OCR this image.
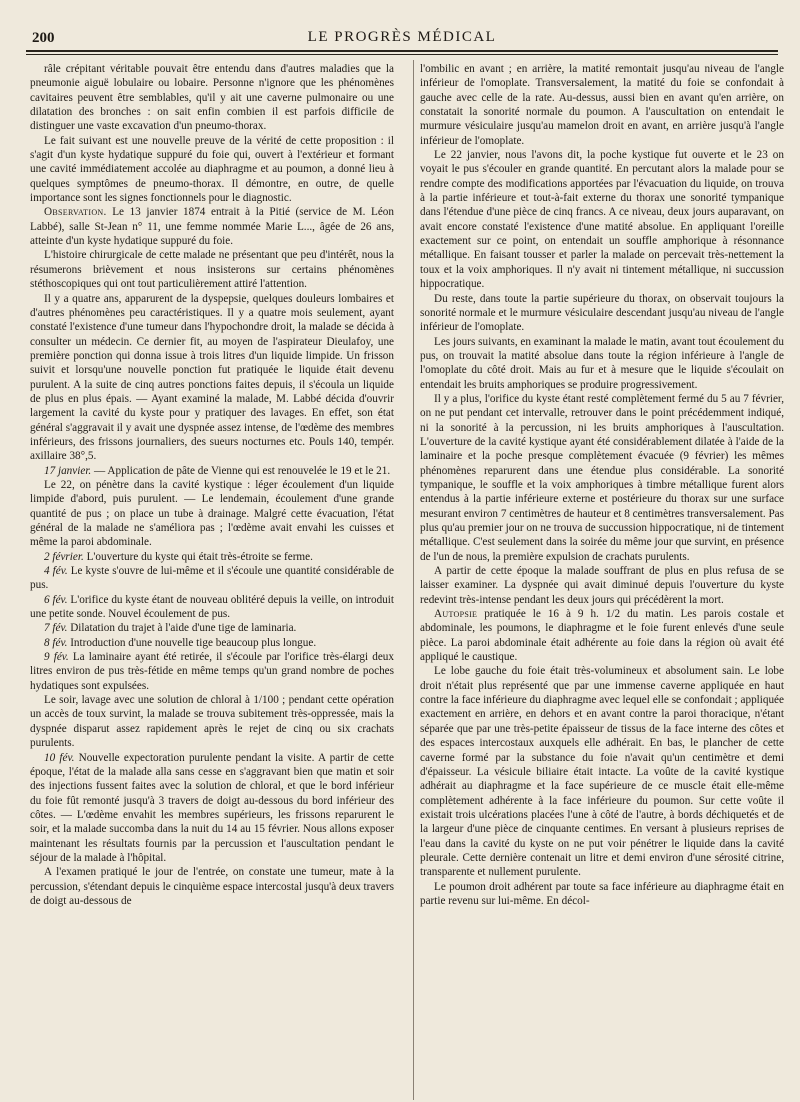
200	LE PROGRÈS MÉDICAL

râle crépitant véritable pouvait être entendu dans d'autres maladies que la pneumonie aiguë lobulaire ou lobaire. Personne n'ignore que les phénomènes cavitaires peuvent être semblables, qu'il y ait une caverne pulmonaire ou une dilatation des bronches : on sait enfin combien il est parfois difficile de distinguer une vaste excavation d'un pneumo-thorax.

Le fait suivant est une nouvelle preuve de la vérité de cette proposition : il s'agit d'un kyste hydatique suppuré du foie qui, ouvert à l'extérieur et formant une cavité immédiatement accolée au diaphragme et au poumon, a donné lieu à quelques symptômes de pneumo-thorax. Il démontre, en outre, de quelle importance sont les signes fonctionnels pour le diagnostic.

Observation. Le 13 janvier 1874 entrait à la Pitié (service de M. Léon Labbé), salle St-Jean n° 11, une femme nommée Marie L..., âgée de 26 ans, atteinte d'un kyste hydatique suppuré du foie.

L'histoire chirurgicale de cette malade ne présentant que peu d'intérêt, nous la résumerons brièvement et nous insisterons sur certains phénomènes stéthoscopiques qui ont tout particulièrement attiré l'attention.

Il y a quatre ans, apparurent de la dyspepsie, quelques douleurs lombaires et d'autres phénomènes peu caractéristiques. Il y a quatre mois seulement, ayant constaté l'existence d'une tumeur dans l'hypochondre droit, la malade se décida à consulter un médecin. Ce dernier fit, au moyen de l'aspirateur Dieulafoy, une première ponction qui donna issue à trois litres d'un liquide limpide. Un frisson suivit et lorsqu'une nouvelle ponction fut pratiquée le liquide était devenu purulent. A la suite de cinq autres ponctions faites depuis, il s'écoula un liquide de plus en plus épais. — Ayant examiné la malade, M. Labbé décida d'ouvrir largement la cavité du kyste pour y pratiquer des lavages. En effet, son état général s'aggravait il y avait une dyspnée assez intense, de l'œdème des membres inférieurs, des frissons journaliers, des sueurs nocturnes etc. Pouls 140, tempér. axillaire 38°,5.

17 janvier. — Application de pâte de Vienne qui est renouvelée le 19 et le 21.

Le 22, on pénètre dans la cavité kystique : léger écoulement d'un liquide limpide d'abord, puis purulent. — Le lendemain, écoulement d'une grande quantité de pus ; on place un tube à drainage. Malgré cette évacuation, l'état général de la malade ne s'améliora pas ; l'œdème avait envahi les cuisses et même la paroi abdominale.

2 février. L'ouverture du kyste qui était très-étroite se ferme.

4 fév. Le kyste s'ouvre de lui-même et il s'écoule une quantité considérable de pus.

6 fév. L'orifice du kyste étant de nouveau oblitéré depuis la veille, on introduit une petite sonde. Nouvel écoulement de pus.

7 fév. Dilatation du trajet à l'aide d'une tige de laminaria.

8 fév. Introduction d'une nouvelle tige beaucoup plus longue.

9 fév. La laminaire ayant été retirée, il s'écoule par l'orifice très-élargi deux litres environ de pus très-fétide en même temps qu'un grand nombre de poches hydatiques sont expulsées.

Le soir, lavage avec une solution de chloral à 1/100 ; pendant cette opération un accès de toux survint, la malade se trouva subitement très-oppressée, mais la dyspnée disparut assez rapidement après le rejet de cinq ou six crachats purulents.

10 fév. Nouvelle expectoration purulente pendant la visite. A partir de cette époque, l'état de la malade alla sans cesse en s'aggravant bien que matin et soir des injections fussent faites avec la solution de chloral, et que le bord inférieur du foie fût remonté jusqu'à 3 travers de doigt au-dessous du bord inférieur des côtes. — L'œdème envahit les membres supérieurs, les frissons reparurent le soir, et la malade succomba dans la nuit du 14 au 15 février. Nous allons exposer maintenant les résultats fournis par la percussion et l'auscultation pendant le séjour de la malade à l'hôpital.

A l'examen pratiqué le jour de l'entrée, on constate une tumeur, mate à la percussion, s'étendant depuis le cinquième espace intercostal jusqu'à deux travers de doigt au-dessous de

l'ombilic en avant ; en arrière, la matité remontait jusqu'au niveau de l'angle inférieur de l'omoplate. Transversalement, la matité du foie se confondait à gauche avec celle de la rate. Au-dessus, aussi bien en avant qu'en arrière, on constatait la sonorité normale du poumon. A l'auscultation on entendait le murmure vésiculaire jusqu'au mamelon droit en avant, en arrière jusqu'à l'angle inférieur de l'omoplate.

Le 22 janvier, nous l'avons dit, la poche kystique fut ouverte et le 23 on voyait le pus s'écouler en grande quantité. En percutant alors la malade pour se rendre compte des modifications apportées par l'évacuation du liquide, on trouva à la partie inférieure et tout-à-fait externe du thorax une sonorité tympanique dans l'étendue d'une pièce de cinq francs. A ce niveau, deux jours auparavant, on avait encore constaté l'existence d'une matité absolue. En appliquant l'oreille exactement sur ce point, on entendait un souffle amphorique à résonnance métallique. En faisant tousser et parler la malade on percevait très-nettement la toux et la voix amphoriques. Il n'y avait ni tintement métallique, ni succussion hippocratique.

Du reste, dans toute la partie supérieure du thorax, on observait toujours la sonorité normale et le murmure vésiculaire descendant jusqu'au niveau de l'angle inférieur de l'omoplate.

Les jours suivants, en examinant la malade le matin, avant tout écoulement du pus, on trouvait la matité absolue dans toute la région inférieure à l'angle de l'omoplate du côté droit. Mais au fur et à mesure que le liquide s'écoulait on entendait les bruits amphoriques se produire progressivement.

Il y a plus, l'orifice du kyste étant resté complètement fermé du 5 au 7 février, on ne put pendant cet intervalle, retrouver dans le point précédemment indiqué, ni la sonorité à la percussion, ni les bruits amphoriques à l'auscultation. L'ouverture de la cavité kystique ayant été considérablement dilatée à l'aide de la laminaire et la poche presque complètement évacuée (9 février) les mêmes phénomènes reparurent dans une étendue plus considérable. La sonorité tympanique, le souffle et la voix amphoriques à timbre métallique furent alors entendus à la partie inférieure externe et postérieure du thorax sur une surface mesurant environ 7 centimètres de hauteur et 8 centimètres transversalement. Pas plus qu'au premier jour on ne trouva de succussion hippocratique, ni de tintement métallique. C'est seulement dans la soirée du même jour que survint, en présence de l'un de nous, la première expulsion de crachats purulents.

A partir de cette époque la malade souffrant de plus en plus refusa de se laisser examiner. La dyspnée qui avait diminué depuis l'ouverture du kyste redevint très-intense pendant les deux jours qui précédèrent la mort.

Autopsie pratiquée le 16 à 9 h. 1/2 du matin. Les parois costale et abdominale, les poumons, le diaphragme et le foie furent enlevés d'une seule pièce. La paroi abdominale était adhérente au foie dans la région où avait été appliqué le caustique.

Le lobe gauche du foie était très-volumineux et absolument sain. Le lobe droit n'était plus représenté que par une immense caverne appliquée en haut contre la face inférieure du diaphragme avec lequel elle se confondait ; appliquée exactement en arrière, en dehors et en avant contre la paroi thoracique, n'étant séparée que par une très-petite épaisseur de tissus de la face interne des côtes et des espaces intercostaux auxquels elle adhérait. En bas, le plancher de cette caverne formé par la substance du foie n'avait qu'un centimètre et demi d'épaisseur. La vésicule biliaire était intacte. La voûte de la cavité kystique adhérait au diaphragme et la face supérieure de ce muscle était elle-même complètement adhérente à la face inférieure du poumon. Sur cette voûte il existait trois ulcérations placées l'une à côté de l'autre, à bords déchiquetés et de la largeur d'une pièce de cinquante centimes. En versant à plusieurs reprises de l'eau dans la cavité du kyste on ne put voir pénétrer le liquide dans la cavité pleurale. Cette dernière contenait un litre et demi environ d'une sérosité citrine, transparente et nullement purulente.

Le poumon droit adhérent par toute sa face inférieure au diaphragme était en partie revenu sur lui-même. En décol-
